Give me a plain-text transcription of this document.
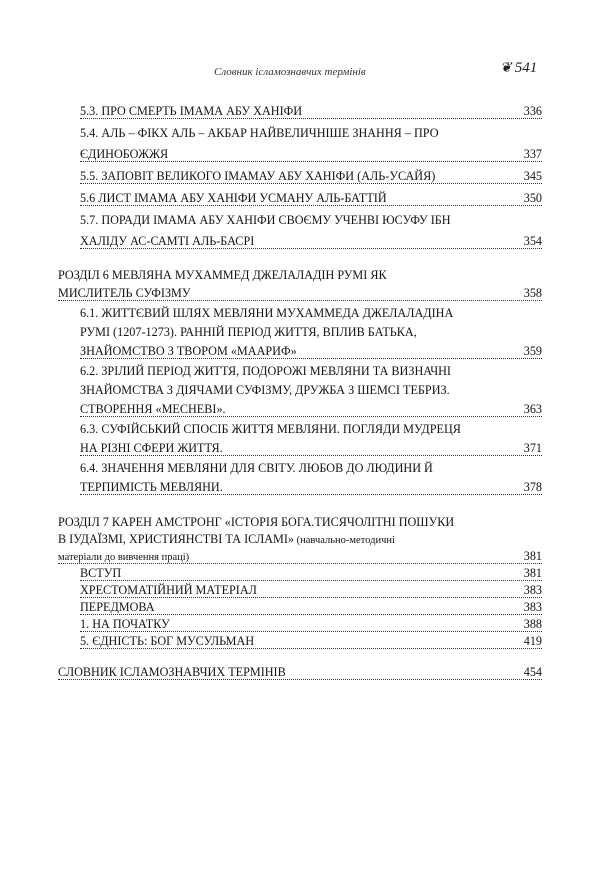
Словник ісламознавчих термінів	❦ 541
5.3. ПРО СМЕРТЬ ІМАМА АБУ ХАНІФИ	336
5.4. АЛЬ – ФІКХ АЛЬ – АКБАР НАЙВЕЛИЧНІШЕ ЗНАННЯ – ПРО
ЄДИНОБОЖЖЯ	337
5.5. ЗАПОВІТ ВЕЛИКОГО ІМАМАУ АБУ ХАНІФИ (АЛЬ-УСАЙЯ)	345
5.6 ЛИСТ ІМАМА АБУ ХАНІФИ УСМАНУ АЛЬ-БАТТІЙ	350
5.7. ПОРАДИ ІМАМА АБУ ХАНІФИ СВОЄМУ УЧЕНВІ ЮСУФУ ІБН
ХАЛІДУ АС-САМТІ АЛЬ-БАСРІ	354
РОЗДІЛ 6 МЕВЛЯНА МУХАММЕД ДЖЕЛАЛАДІН РУМІ ЯК
МИСЛИТЕЛЬ СУФІЗМУ	358
6.1. ЖИТТЄВИЙ ШЛЯХ МЕВЛЯНИ МУХАММЕДА ДЖЕЛАЛАДІНА
РУМІ (1207-1273). РАННІЙ ПЕРІОД ЖИТТЯ, ВПЛИВ БАТЬКА,
ЗНАЙОМСТВО З ТВОРОМ «МААРИФ»	359
6.2. ЗРІЛИЙ ПЕРІОД ЖИТТЯ, ПОДОРОЖІ МЕВЛЯНИ ТА ВИЗНАЧНІ
ЗНАЙОМСТВА З ДІЯЧАМИ СУФІЗМУ, ДРУЖБА З ШЕМСІ ТЕБРИЗ.
СТВОРЕННЯ «МЕСНЕВІ».	363
6.3. СУФІЙСЬКИЙ СПОСІБ ЖИТТЯ МЕВЛЯНИ. ПОГЛЯДИ МУДРЕЦЯ
НА РІЗНІ СФЕРИ ЖИТТЯ.	371
6.4. ЗНАЧЕННЯ МЕВЛЯНИ ДЛЯ СВІТУ. ЛЮБОВ ДО ЛЮДИНИ Й
ТЕРПИМІСТЬ МЕВЛЯНИ.	378
РОЗДІЛ 7 КАРЕН АМСТРОНГ «ІСТОРІЯ БОГА.ТИСЯЧОЛІТНІ ПОШУКИ
В ІУДАЇЗМІ, ХРИСТИЯНСТВІ ТА ІСЛАМІ» (навчально-методичні
матеріали до вивчення праці)	381
ВСТУП	381
ХРЕСТОМАТІЙНИЙ МАТЕРІАЛ	383
ПЕРЕДМОВА	383
1. НА ПОЧАТКУ	388
5. ЄДНІСТЬ: БОГ МУСУЛЬМАН	419
СЛОВНИК ІСЛАМОЗНАВЧИХ ТЕРМІНІВ	454
